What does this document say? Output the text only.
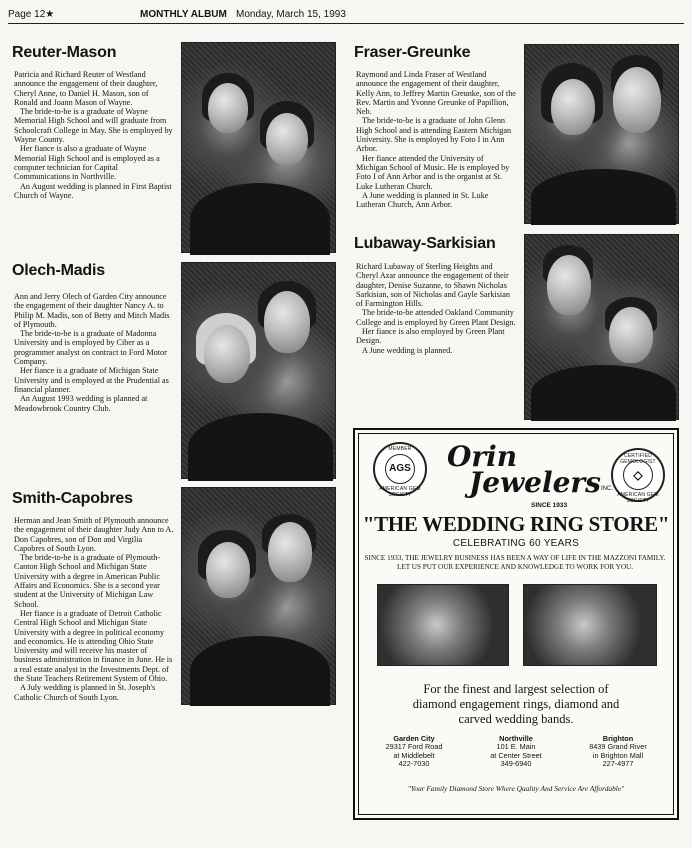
Page 12★	MONTHLY ALBUM Monday, March 15, 1993
Reuter-Mason

Patricia and Richard Reuter of Westland announce the engagement of their daughter, Cheryl Anne, to Daniel H. Mason, son of Ronald and Joann Mason of Wayne.

The bride-to-be is a graduate of Wayne Memorial High School and will graduate from Schoolcraft College in May. She is employed by Wayne County.

Her fiance is also a graduate of Wayne Memorial High School and is employed as a computer technician for Capital Communications in Northville.

An August wedding is planned in First Baptist Church of Wayne.

Olech-Madis

Ann and Jerry Olech of Garden City announce the engagement of their daughter Nancy A. to Philip M. Madis, son of Betty and Mitch Madis of Plymouth.

The bride-to-be is a graduate of Madonna University and is employed by Ciber as a programmer analyst on contract to Ford Motor Company.

Her fiance is a graduate of Michigan State University and is employed at the Prudential as financial planner.

An August 1993 wedding is planned at Meadowbrook Country Club.

Smith-Capobres

Herman and Jean Smith of Plymouth announce the engagement of their daughter Judy Ann to A. Don Capobres, son of Don and Virgilia Capobres of South Lyon.

The bride-to-be is a graduate of Plymouth-Canton High School and Michigan State University with a degree in American Public Affairs and Economics. She is a second year student at the University of Michigan Law School.

Her fiance is a graduate of Detroit Catholic Central High School and Michigan State University with a degree in political economy and economics. He is attending Ohio State University and will receive his master of business administration in finance in June. He is a real estate analyst in the Investments Dept. of the State Teachers Retirement System of Ohio.

A July wedding is planned in St. Joseph's Catholic Church of South Lyon.

Fraser-Greunke

Raymond and Linda Fraser of Westland announce the engagement of their daughter, Kelly Ann, to Jeffrey Martin Greunke, son of the Rev. Martin and Yvonne Greunke of Papillion, Neb.

The bride-to-be is a graduate of John Glenn High School and is attending Eastern Michigan University. She is employed by Foto I in Ann Arbor.

Her fiance attended the University of Michigan School of Music. He is employed by Foto I of Ann Arbor and is the organist at St. Luke Lutheran Church.

A June wedding is planned in St. Luke Lutheran Church, Ann Arbor.

Lubaway-Sarkisian

Richard Lubaway of Sterling Heights and Cheryl Azar announce the engagement of their daughter, Denise Suzanne, to Shawn Nicholas Sarkisian, son of Nicholas and Gayle Sarkisian of Farmington Hills.

The bride-to-be attended Oakland Community College and is employed by Green Plant Design.

Her fiance is also employed by Green Plant Design.

A June wedding is planned.

MEMBER
AGS
AMERICAN GEM SOCIETY
CERTIFIED GEMOLOGIST
◇
AMERICAN GEM SOCIETY
Orin
Jewelers INC.
SINCE 1933
"THE WEDDING RING STORE"
CELEBRATING 60 YEARS
SINCE 1933, THE JEWELRY BUSINESS HAS BEEN A WAY OF LIFE IN THE MAZZONI FAMILY. LET US PUT OUR EXPERIENCE AND KNOWLEDGE TO WORK FOR YOU.
For the finest and largest selection of
diamond engagement rings, diamond and
carved wedding bands.
Garden City
29317 Ford Road
at Middlebelt
422-7030
Northville
101 E. Main
at Center Street
349-6940
Brighton
8439 Grand River
in Brighton Mall
227-4977
"Your Family Diamond Store Where Quality And Service Are Affordable"
